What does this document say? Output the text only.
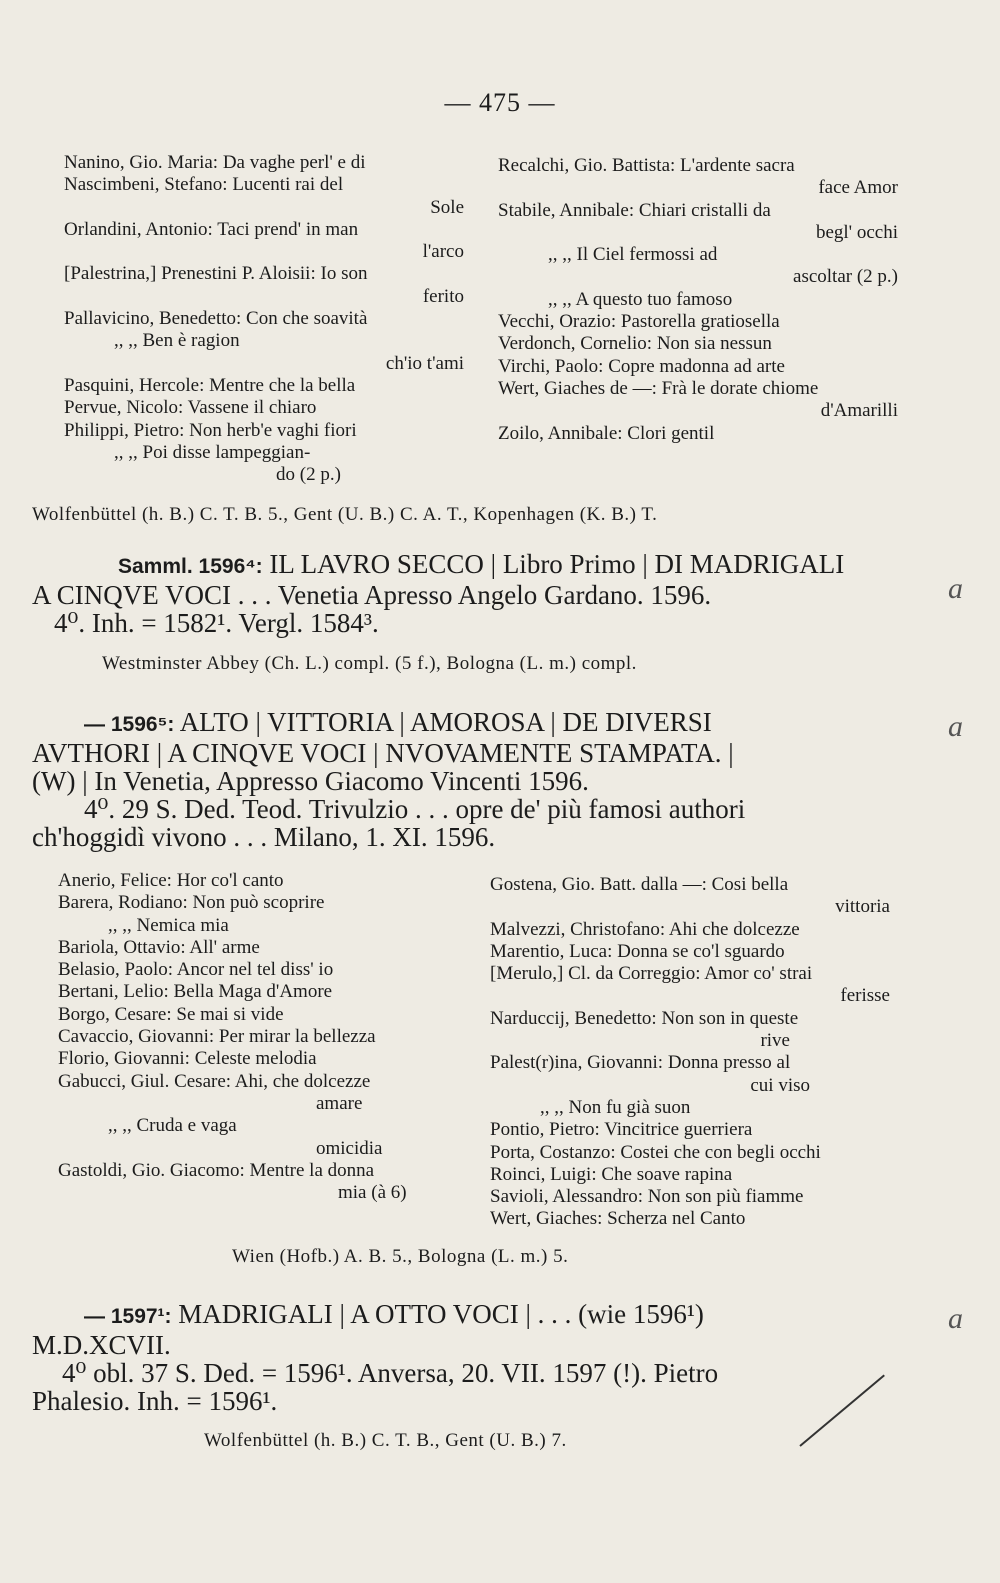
— 475 —
Nanino, Gio. Maria: Da vaghe perl' e di
Nascimbeni, Stefano: Lucenti rai del
Sole
Orlandini, Antonio: Taci prend' in man
l'arco
[Palestrina,] Prenestini P. Aloisii: Io son
ferito
Pallavicino, Benedetto: Con che soavità
,, ,, Ben è ragion
ch'io t'ami
Pasquini, Hercole: Mentre che la bella
Pervue, Nicolo: Vassene il chiaro
Philippi, Pietro: Non herb'e vaghi fiori
,, ,, Poi disse lampeggian-
do (2 p.)
Recalchi, Gio. Battista: L'ardente sacra
face Amor
Stabile, Annibale: Chiari cristalli da
begl' occhi
,, ,, Il Ciel fermossi ad
ascoltar (2 p.)
,, ,, A questo tuo famoso
Vecchi, Orazio: Pastorella gratiosella
Verdonch, Cornelio: Non sia nessun
Virchi, Paolo: Copre madonna ad arte
Wert, Giaches de —: Frà le dorate chiome
d'Amarilli
Zoilo, Annibale: Clori gentil
Wolfenbüttel (h. B.) C. T. B. 5., Gent (U. B.) C. A. T., Kopenhagen (K. B.) T.
Samml. 1596⁴: IL LAVRO SECCO | Libro Primo | DI MADRIGALI
A CINQVE VOCI . . . Venetia Apresso Angelo Gardano. 1596.
4⁰. Inh. = 1582¹. Vergl. 1584³.
a
Westminster Abbey (Ch. L.) compl. (5 f.), Bologna (L. m.) compl.
— 1596⁵: ALTO | VITTORIA | AMOROSA | DE DIVERSI
AVTHORI | A CINQVE VOCI | NVOVAMENTE STAMPATA. |
(W) | In Venetia, Appresso Giacomo Vincenti 1596.
4⁰. 29 S. Ded. Teod. Trivulzio . . . opre de' più famosi authori
ch'hoggidì vivono . . . Milano, 1. XI. 1596.
a
Anerio, Felice: Hor co'l canto
Barera, Rodiano: Non può scoprire
,, ,, Nemica mia
Bariola, Ottavio: All' arme
Belasio, Paolo: Ancor nel tel diss' io
Bertani, Lelio: Bella Maga d'Amore
Borgo, Cesare: Se mai si vide
Cavaccio, Giovanni: Per mirar la bellezza
Florio, Giovanni: Celeste melodia
Gabucci, Giul. Cesare: Ahi, che dolcezze
amare
,, ,, Cruda e vaga
omicidia
Gastoldi, Gio. Giacomo: Mentre la donna
mia (à 6)
Gostena, Gio. Batt. dalla —: Cosi bella
vittoria
Malvezzi, Christofano: Ahi che dolcezze
Marentio, Luca: Donna se co'l sguardo
[Merulo,] Cl. da Correggio: Amor co' strai
ferisse
Narduccij, Benedetto: Non son in queste
rive
Palest(r)ina, Giovanni: Donna presso al
cui viso
,, ,, Non fu già suon
Pontio, Pietro: Vincitrice guerriera
Porta, Costanzo: Costei che con begli occhi
Roinci, Luigi: Che soave rapina
Savioli, Alessandro: Non son più fiamme
Wert, Giaches: Scherza nel Canto
Wien (Hofb.) A. B. 5., Bologna (L. m.) 5.
— 1597¹: MADRIGALI | A OTTO VOCI | . . . (wie 1596¹)
M.D.XCVII.
4⁰ obl. 37 S. Ded. = 1596¹. Anversa, 20. VII. 1597 (!). Pietro
Phalesio. Inh. = 1596¹.
a
Wolfenbüttel (h. B.) C. T. B., Gent (U. B.) 7.
